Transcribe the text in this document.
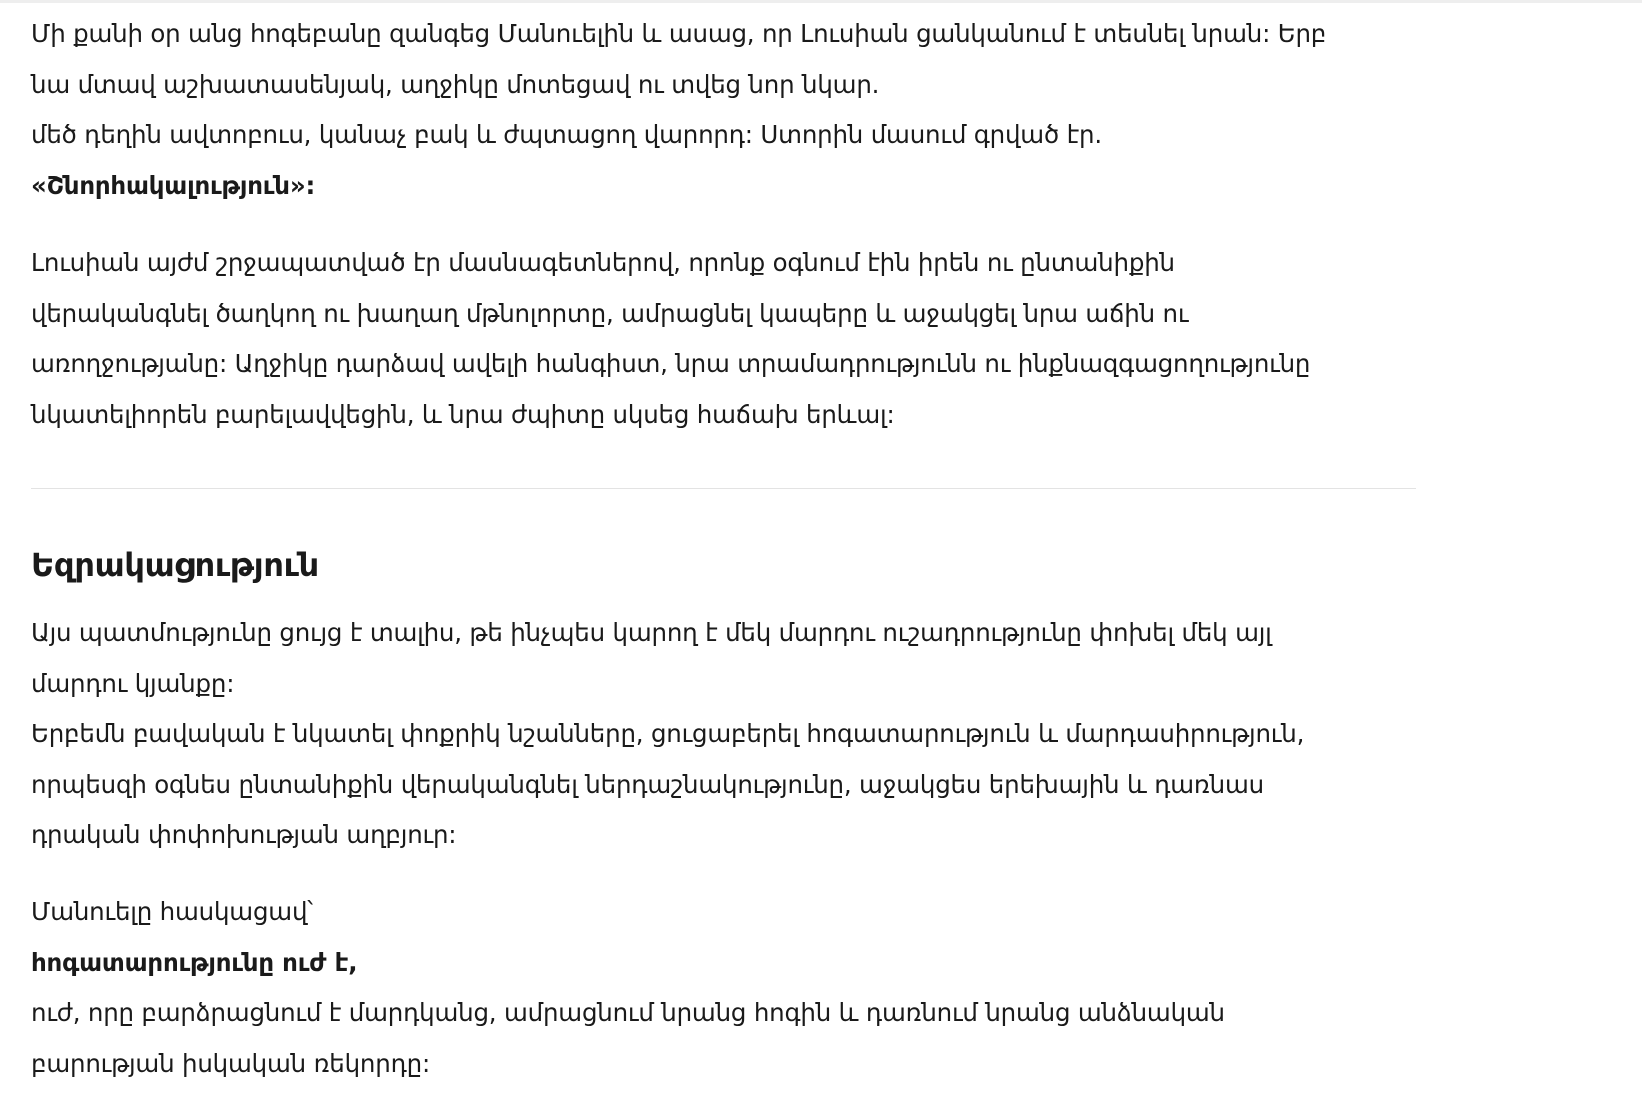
Մի քանի օր անց հոգեբանը զանգեց Մանուելին և ասաց, որ Լուսիան ցանկանում է տեսնել նրան: Երբ
նա մտավ աշխատասենյակ, աղջիկը մոտեցավ ու տվեց նոր նկար.
մեծ դեղին ավտոբուս, կանաչ բակ և ժպտացող վարորդ: Ստորին մասում գրված էր.
«Շնորհակալություն»:

Լուսիան այժմ շրջապատված էր մասնագետներով, որոնք օգնում էին իրեն ու ընտանիքին
վերականգնել ծաղկող ու խաղաղ մթնոլորտը, ամրացնել կապերը և աջակցել նրա աճին ու
առողջությանը: Աղջիկը դարձավ ավելի հանգիստ, նրա տրամադրությունն ու ինքնազգացողությունը
նկատելիորեն բարելավվեցին, և նրա ժպիտը սկսեց հաճախ երևալ:

Եզրակացություն

Այս պատմությունը ցույց է տալիս, թե ինչպես կարող է մեկ մարդու ուշադրությունը փոխել մեկ այլ
մարդու կյանքը:
Երբեմն բավական է նկատել փոքրիկ նշանները, ցուցաբերել հոգատարություն և մարդասիրություն,
որպեսզի օգնես ընտանիքին վերականգնել ներդաշնակությունը, աջակցես երեխային և դառնաս
դրական փոփոխության աղբյուր:

Մանուելը հասկացավ՝
հոգատարությունը ուժ է,
ուժ, որը բարձրացնում է մարդկանց, ամրացնում նրանց հոգին և դառնում նրանց անձնական
բարության իսկական ռեկորդը:
